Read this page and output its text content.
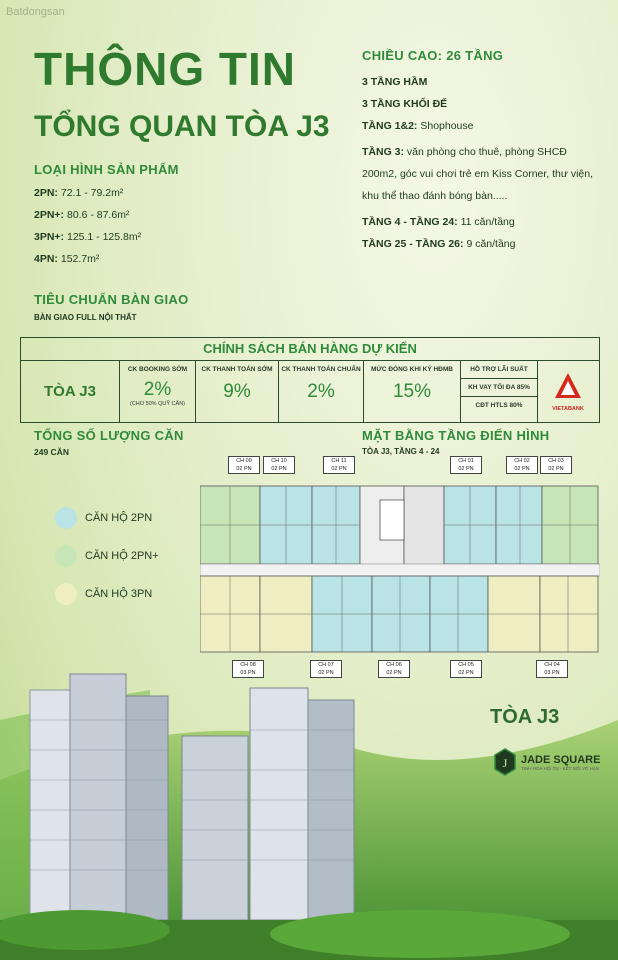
Batdongsan
THÔNG TIN
TỔNG QUAN TÒA J3
LOẠI HÌNH SẢN PHẨM
2PN: 72.1 - 79.2m²
2PN+: 80.6 - 87.6m²
3PN+: 125.1 - 125.8m²
4PN: 152.7m²
TIÊU CHUẨN BÀN GIAO
BÀN GIAO FULL NỘI THẤT
CHIỀU CAO: 26 TẦNG
3 TẦNG HẦM
3 TẦNG KHỐI ĐẾ
TẦNG 1&2: Shophouse
TẦNG 3: văn phòng cho thuê, phòng SHCĐ 200m2, góc vui chơi trẻ em Kiss Corner, thư viện, khu thể thao đánh bóng bàn.....
TẦNG 4 - TẦNG 24: 11 căn/tầng
TẦNG 25 - TẦNG 26: 9 căn/tầng
CHÍNH SÁCH BÁN HÀNG DỰ KIẾN
TÒA J3
CK BOOKING SỚM
2%
(CHO 50% QUỸ CĂN)
CK THANH TOÁN SỚM
9%
CK THANH TOÁN CHUẨN
2%
MỨC ĐÓNG KHI KÝ HĐMB
15%
HỖ TRỢ LÃI SUẤT
KH VAY TỐI ĐA 85%
CĐT HTLS 80%	VIETABANK
TỔNG SỐ LƯỢNG CĂN
249 CĂN
CĂN HỘ 2PN
CĂN HỘ 2PN+
CĂN HỘ 3PN
MẶT BẰNG TẦNG ĐIỂN HÌNH
TÒA J3, TẦNG 4 - 24
CH 09
02 PN
CH 10
02 PN
CH 11
02 PN
CH 01
02 PN
CH 02
02 PN
CH 03
02 PN
CH 08
03 PN
CH 07
02 PN
CH 06
02 PN
CH 05
02 PN
CH 04
03 PN
TÒA J3
J JADE SQUARE
TINH HOA HỘI TỤ - KẾT NỐI VÔ HẠN
